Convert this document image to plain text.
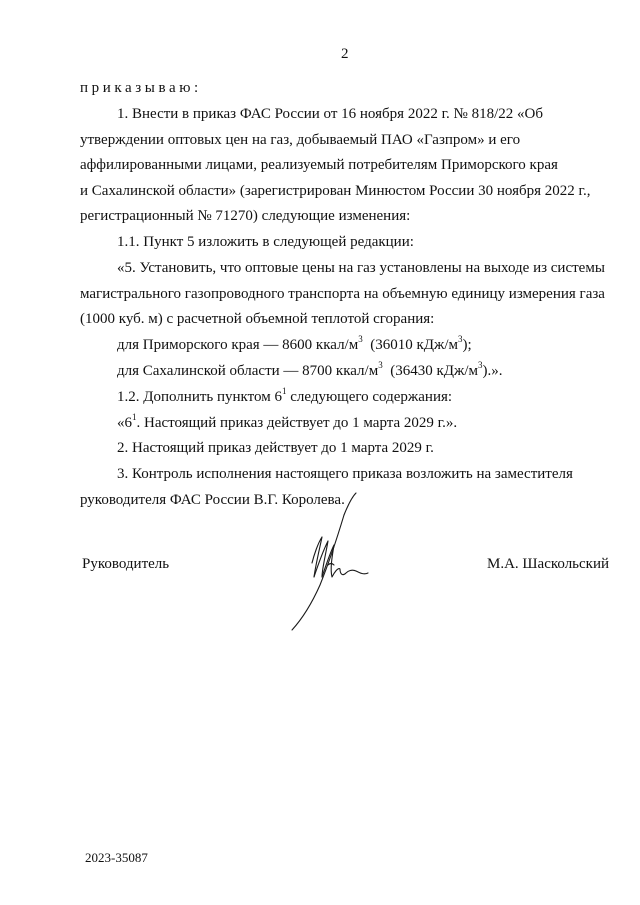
2
приказываю:
1. Внести в приказ ФАС России от 16 ноября 2022 г. № 818/22 «Об
утверждении оптовых цен на газ, добываемый ПАО «Газпром» и его
аффилированными лицами, реализуемый потребителям Приморского края
и Сахалинской области» (зарегистрирован Минюстом России 30 ноября 2022 г.,
регистрационный № 71270) следующие изменения:
1.1. Пункт 5 изложить в следующей редакции:
«5. Установить, что оптовые цены на газ установлены на выходе из системы
магистрального газопроводного транспорта на объемную единицу измерения газа
(1000 куб. м) с расчетной объемной теплотой сгорания:
для Приморского края — 8600 ккал/$м^3$ (36010 кДж/$м^3$);
для Сахалинской области — 8700 ккал/$м^3$ (36430 кДж/$м^3$).».
1.2. Дополнить пунктом $6^1$ следующего содержания:
«$6^1$. Настоящий приказ действует до 1 марта 2029 г.».
2. Настоящий приказ действует до 1 марта 2029 г.
3. Контроль исполнения настоящего приказа возложить на заместителя
руководителя ФАС России В.Г. Королева.
Руководитель	М.А. Шаскольский
2023-35087
